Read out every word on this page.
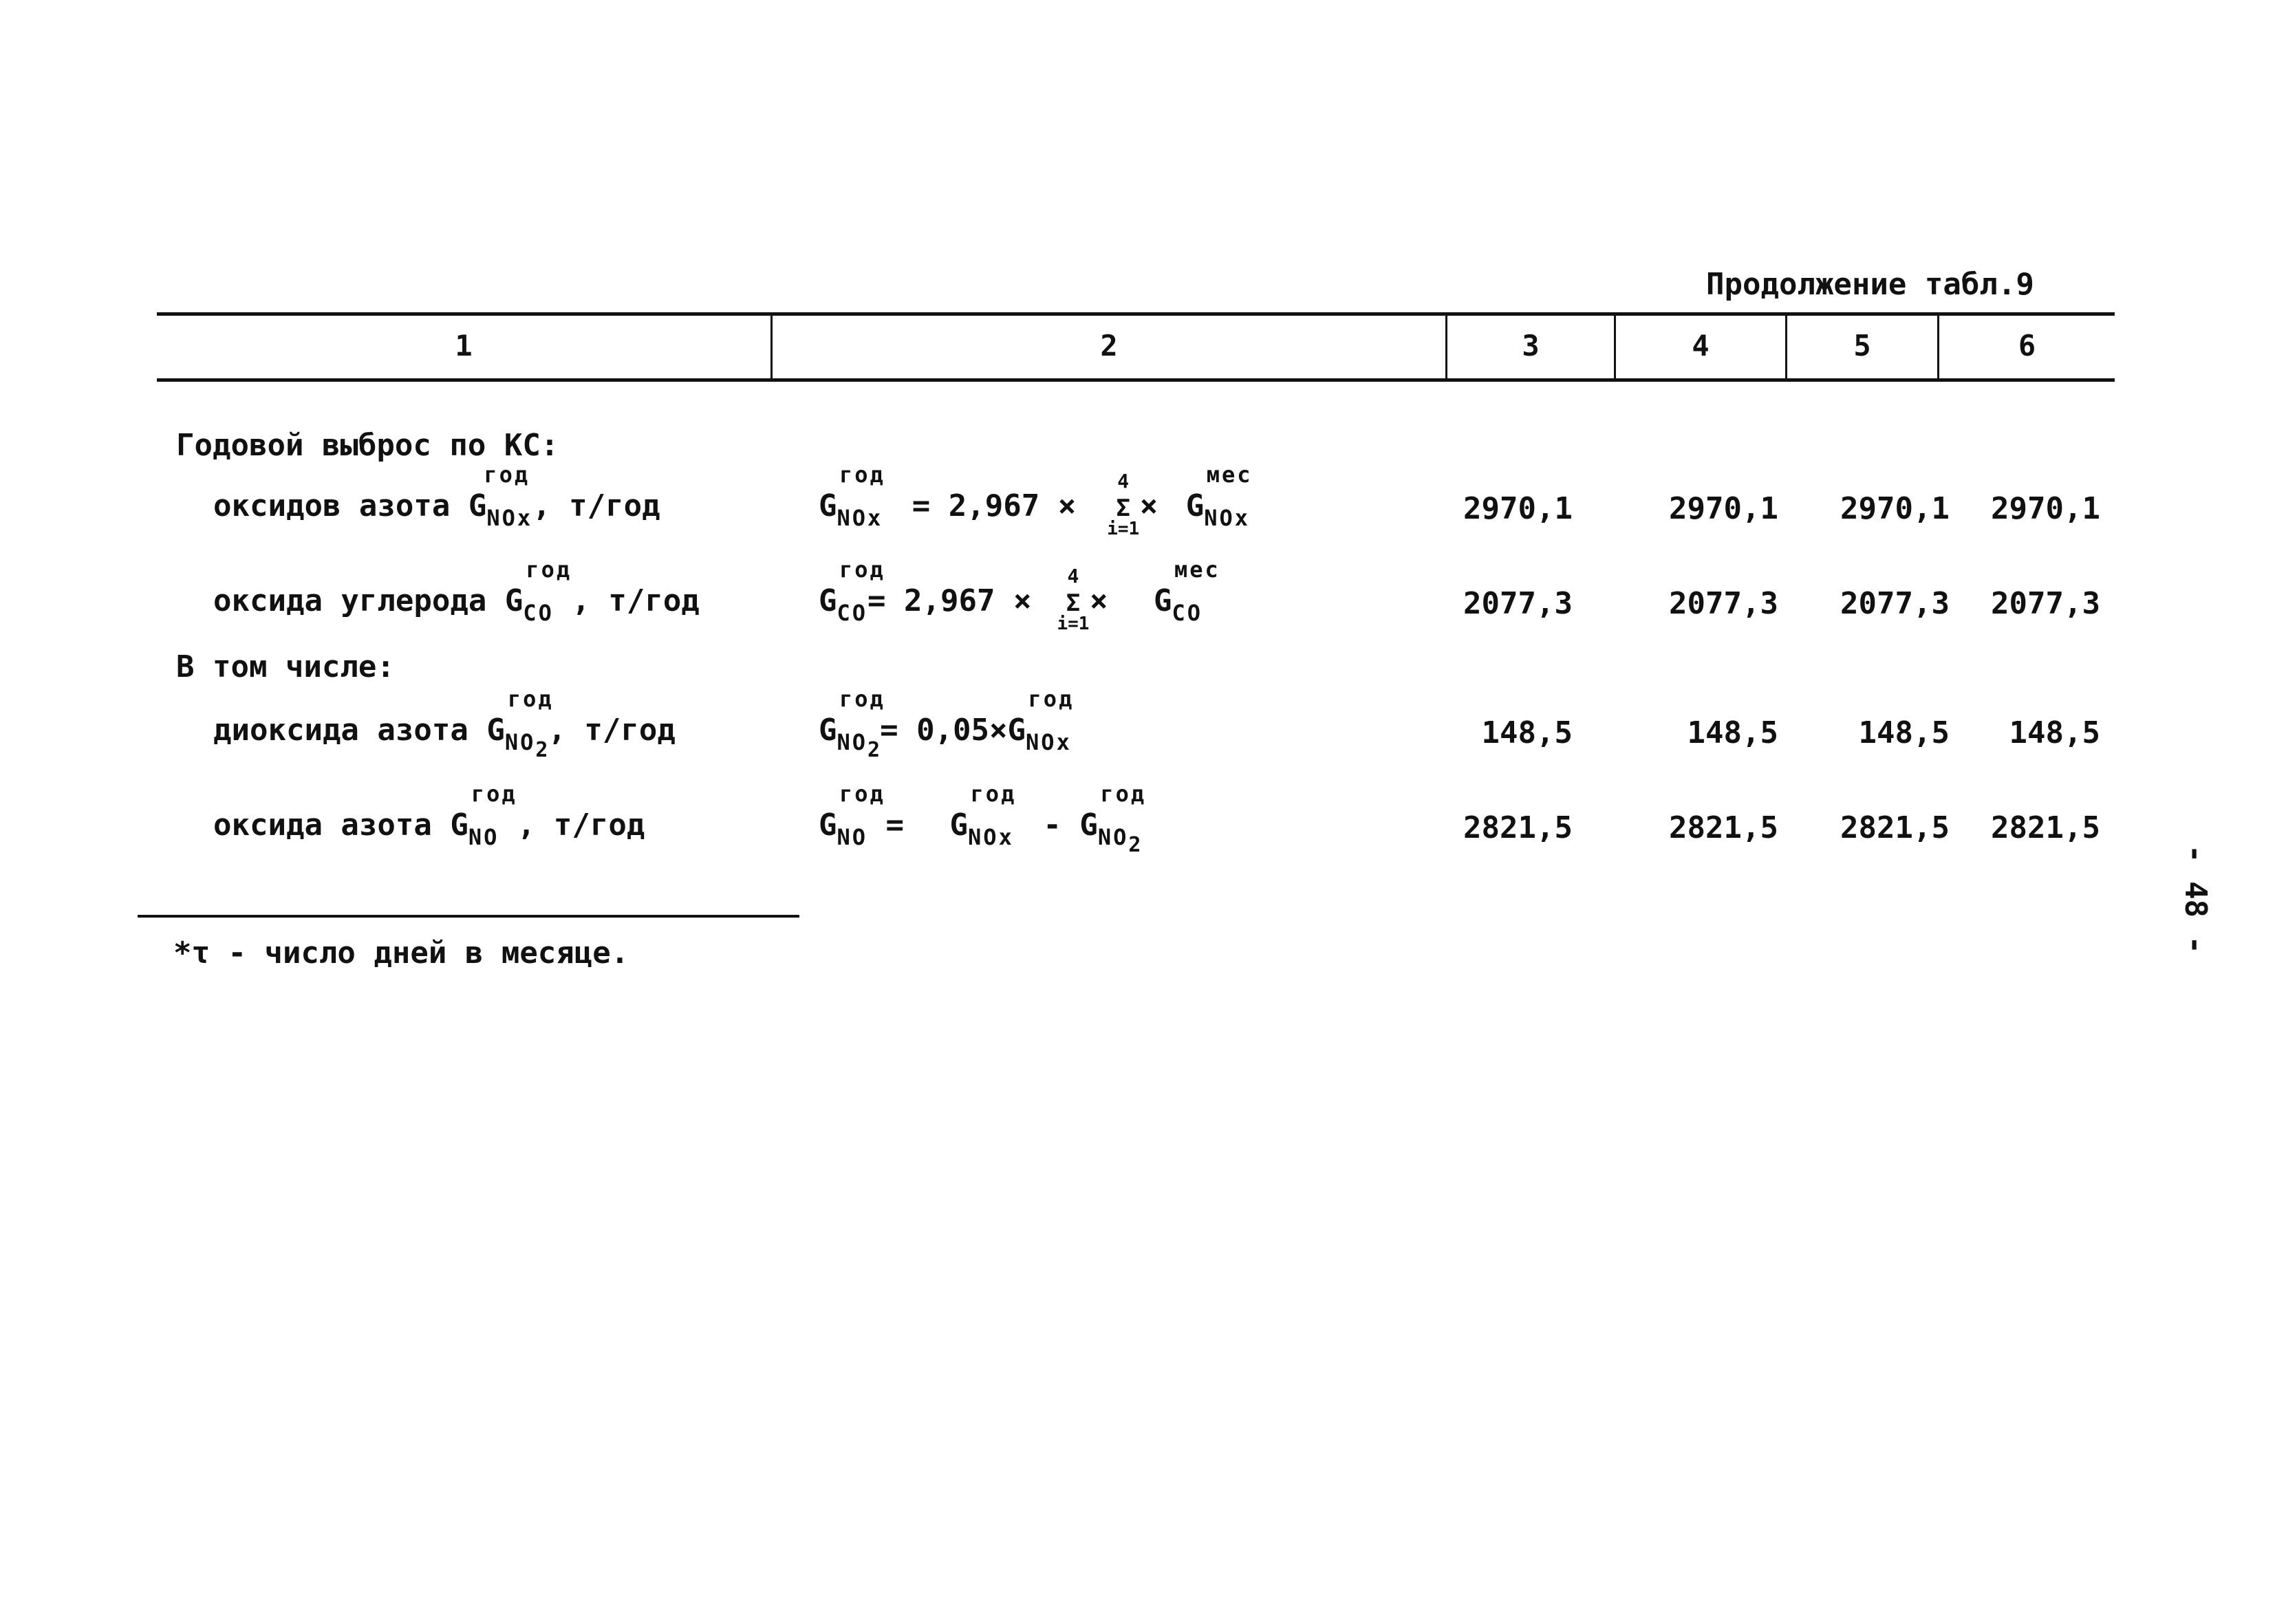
Продолжение табл.9
1	2	3	4	5	6
Годовой выброс по КС:
оксидов азота G
год
$_{NOx}$, т/год	G
год
$_{NOx}$ = 2,967 ×
4
Σ
i=1
× G
мес
$_{NOx}$	2970,1	2970,1	2970,1	2970,1
оксида углерода G
год
$_{CO}$ , т/год	G
год
$_{CO}$= 2,967 ×
4
Σ
i=1
× G
мес
$_{CO}$	2077,3	2077,3	2077,3	2077,3
В том числе:
диоксида азота G
год
$_{NO2}$, т/год	G
год
$_{NO2}$= 0,05×G
год
$_{NOx}$	148,5	148,5	148,5	148,5
оксида азота G
год
$_{NO}$ , т/год	G
год
$_{NO}$ = G
год
$_{NOx}$ - G
год
$_{NO2}$	2821,5	2821,5	2821,5	2821,5
*τ - число дней в месяце.	- 48 -
